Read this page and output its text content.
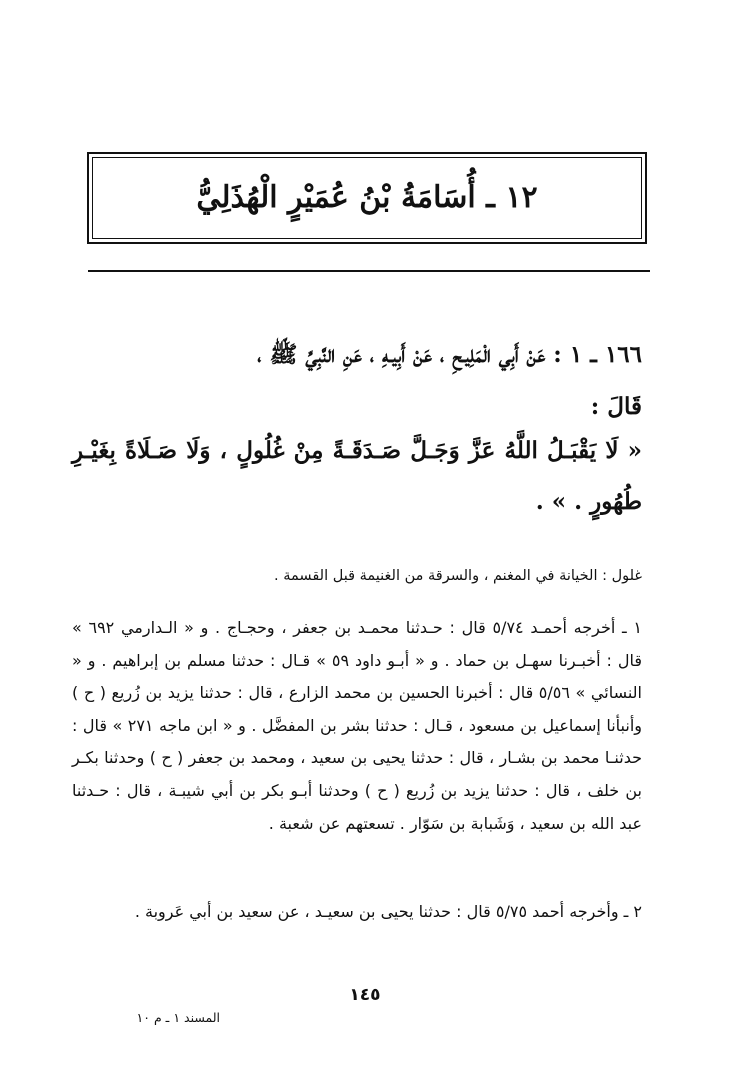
١٢ ـ أُسَامَةُ بْنُ عُمَيْرٍ الْهُذَلِيُّ

١٦٦ ـ ١ : عَنْ أَبِي الْمَلِيـحِ ، عَنْ أَبِيـهِ ، عَنِ النَّبِيِّ ﷺ ،

قَالَ :

« لَا يَقْبَـلُ اللَّهُ عَزَّ وَجَـلَّ صَـدَقَـةً مِنْ غُلُولٍ ، وَلَا صَـلَاةً بِغَيْـرِ

طُهُورٍ . » .

غلول : الخيانة في المغنم ، والسرقة من الغنيمة قبل القسمة .

١ ـ أخرجه أحمـد ٥/٧٤ قال : حـدثنا محمـد بن جعفر ، وحجـاج . و « الـدارمي ٦٩٢ » قال : أخبـرنا سهـل بن حماد . و « أبـو داود ٥٩ » قـال : حدثنا مسلم بن إبراهيم . و « النسائي » ٥/٥٦ قال : أخبرنا الحسين بن محمد الزارع ، قال : حدثنا يزيد بن زُريع ( ح ) وأنبأنا إسماعيل بن مسعود ، قـال : حدثنا بشر بن المفضَّل . و « ابن ماجه ٢٧١ » قال : حدثنـا محمد بن بشـار ، قال : حدثنا يحيى بن سعيد ، ومحمد بن جعفر ( ح ) وحدثنا بكـر بن خلف ، قال : حدثنا يزيد بن زُريع ( ح ) وحدثنا أبـو بكر بن أبي شيبـة ، قال : حـدثنا عبد الله بن سعيد ، وَشَبابة بن سَوّار . تسعتهم عن شعبة .

٢ ـ وأخرجه أحمد ٥/٧٥ قال : حدثنا يحيى بن سعيـد ، عن سعيد بن أبي عَروبة .

١٤٥
المسند ١ ـ م ١٠
